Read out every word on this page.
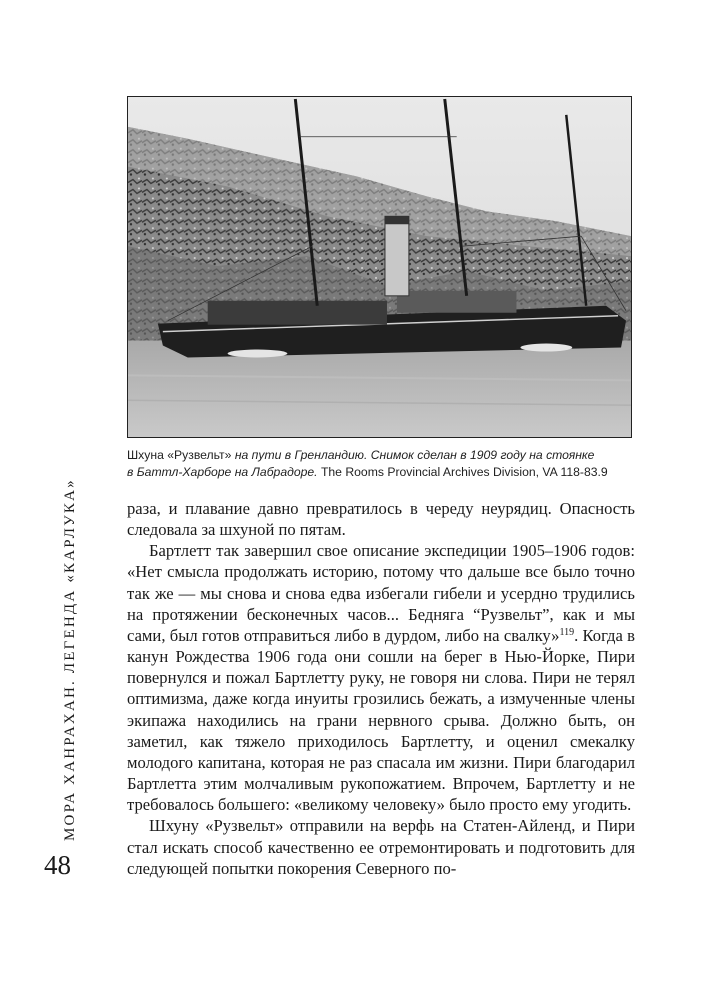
МОРА ХАНРАХАН. ЛЕГЕНДА «КАРЛУКА»
48
Шхуна «Рузвельт» на пути в Гренландию. Снимок сделан в 1909 году на стоянке
в Баттл-Харборе на Лабрадоре. The Rooms Provincial Archives Division, VA 118-83.9

раза, и плавание давно превратилось в череду неурядиц. Опасность следовала за шхуной по пятам.

Бартлетт так завершил свое описание экспедиции 1905–1906 годов: «Нет смысла продолжать историю, потому что дальше все было точно так же — мы снова и снова едва избегали гибели и усердно трудились на протяжении бесконечных часов... Бедняга “Рузвельт”, как и мы сами, был готов отправиться либо в дурдом, либо на свалку»$^{119}$. Когда в канун Рождества 1906 года они сошли на берег в Нью-Йорке, Пири повернулся и пожал Бартлетту руку, не говоря ни слова. Пири не терял оптимизма, даже когда инуиты грозились бежать, а измученные члены экипажа находились на грани нервного срыва. Должно быть, он заметил, как тяжело приходилось Бартлетту, и оценил смекалку молодого капитана, которая не раз спасала им жизни. Пири благодарил Бартлетта этим молчаливым рукопожатием. Впрочем, Бартлетту и не требовалось большего: «великому человеку» было просто ему угодить.

Шхуну «Рузвельт» отправили на верфь на Статен-Айленд, и Пири стал искать способ качественно ее отремонтировать и подготовить для следующей попытки покорения Северного по-
